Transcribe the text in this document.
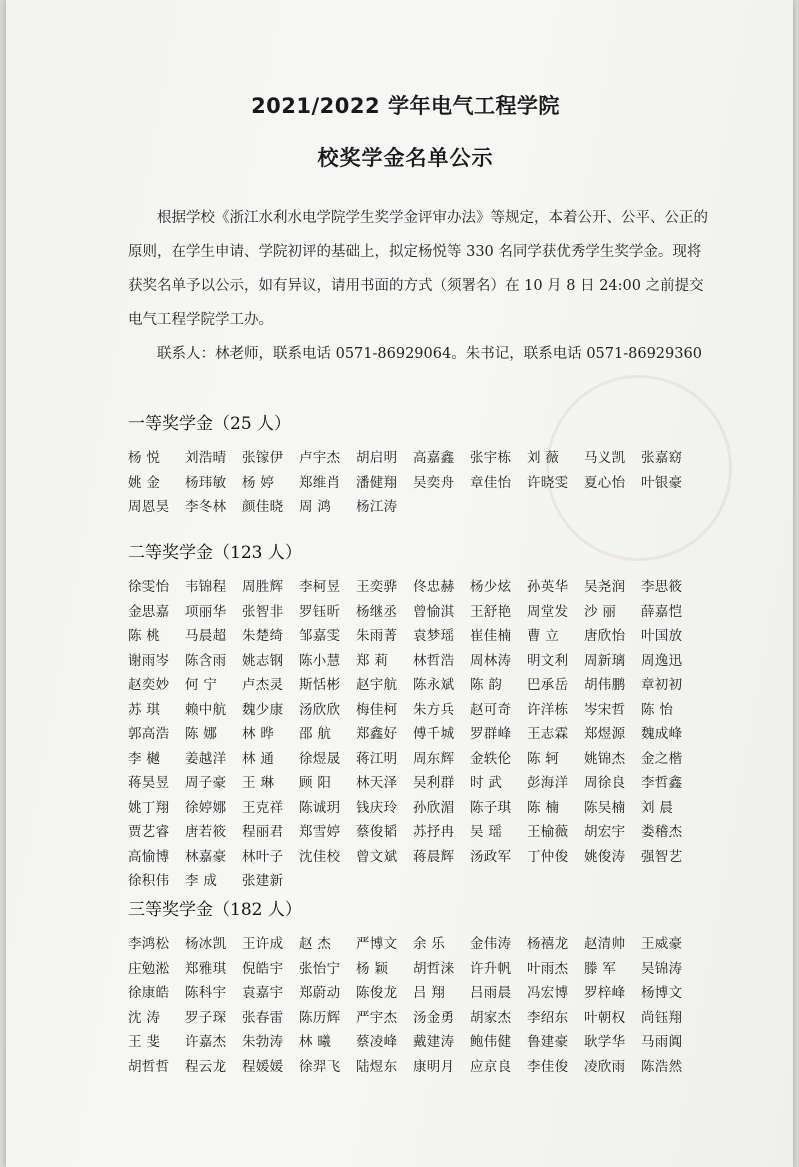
2021/2022 学年电气工程学院
校奖学金名单公示
根据学校《浙江水利水电学院学生奖学金评审办法》等规定，本着公开、公平、公正的原则，在学生申请、学院初评的基础上，拟定杨悦等 330 名同学获优秀学生奖学金。现将获奖名单予以公示，如有异议，请用书面的方式（须署名）在 10 月 8 日 24:00 之前提交电气工程学院学工办。
联系人：林老师，联系电话 0571-86929064。朱书记，联系电话 0571-86929360
一等奖学金（25 人）
杨 悦	刘浩晴	张镓伊	卢宇杰	胡启明	高嘉鑫	张宇栋	刘 薇	马义凯	张嘉窈
姚 金	杨玮敏	杨 婷	郑维肖	潘健翔	吴奕舟	章佳怡	许晓雯	夏心怡	叶银豪
周恩昊	李冬林	颜佳晓	周 鸿	杨江涛
二等奖学金（123 人）
徐雯怡	韦锦程	周胜辉	李柯昱	王奕骅	佟忠赫	杨少炫	孙英华	吴尧润	李思筱
金思嘉	项丽华	张智非	罗钰昕	杨继丞	曾愉淇	王舒艳	周堂发	沙 丽	薛嘉恺
陈 桃	马晨超	朱楚绮	邹嘉雯	朱雨菁	袁梦瑶	崔佳楠	曹 立	唐欣怡	叶国放
谢雨岑	陈含雨	姚志钢	陈小慧	郑 莉	林哲浩	周林涛	明文利	周新璃	周逸迅
赵奕妙	何 宁	卢杰灵	斯恬彬	赵宇航	陈永斌	陈 韵	巴承岳	胡伟鹏	章初初
苏 琪	赖中航	魏少康	汤欣欣	梅佳柯	朱方兵	赵可奇	许洋栋	岑宋哲	陈 怡
郭高浩	陈 娜	林 晔	邵 航	郑鑫好	傅千城	罗群峰	王志霖	郑煜源	魏成峰
李 樾	姜越洋	林 通	徐煜晟	蒋江明	周东辉	金轶伦	陈 轲	姚锦杰	金之楷
蒋昊昱	周子豪	王 琳	顾 阳	林天泽	吴利群	时 武	彭海洋	周徐良	李哲鑫
姚丁翔	徐婷娜	王克祥	陈诚玥	钱庆玲	孙欣湄	陈子琪	陈 楠	陈吴楠	刘 晨
贾艺睿	唐若筱	程丽君	郑雪婷	蔡俊韬	苏抒冉	吴 瑶	王榆薇	胡宏宇	娄稽杰
高愉博	林嘉豪	林叶子	沈佳校	曾文斌	蒋晨辉	汤政军	丁仲俊	姚俊涛	强智艺
徐积伟	李 成	张建新
三等奖学金（182 人）
李鸿松	杨冰凯	王许成	赵 杰	严博文	余 乐	金伟涛	杨禧龙	赵清帅	王威豪
庄勉淞	郑雅琪	倪皓宇	张怡宁	杨 颖	胡哲涞	许升帆	叶雨杰	滕 军	吴锦涛
徐康皓	陈科宇	袁嘉宇	郑蔚动	陈俊龙	吕 翔	吕雨晨	冯宏博	罗梓峰	杨博文
沈 涛	罗子琛	张春雷	陈历辉	严宇杰	汤金勇	胡家杰	李绍东	叶朝权	尚钰翔
王 斐	许嘉杰	朱勃涛	林 曦	蔡凌峰	戴建涛	鲍伟健	鲁建豪	耿学华	马雨阗
胡哲哲	程云龙	程媛媛	徐羿飞	陆煜东	康明月	应京良	李佳俊	凌欣雨	陈浩然
